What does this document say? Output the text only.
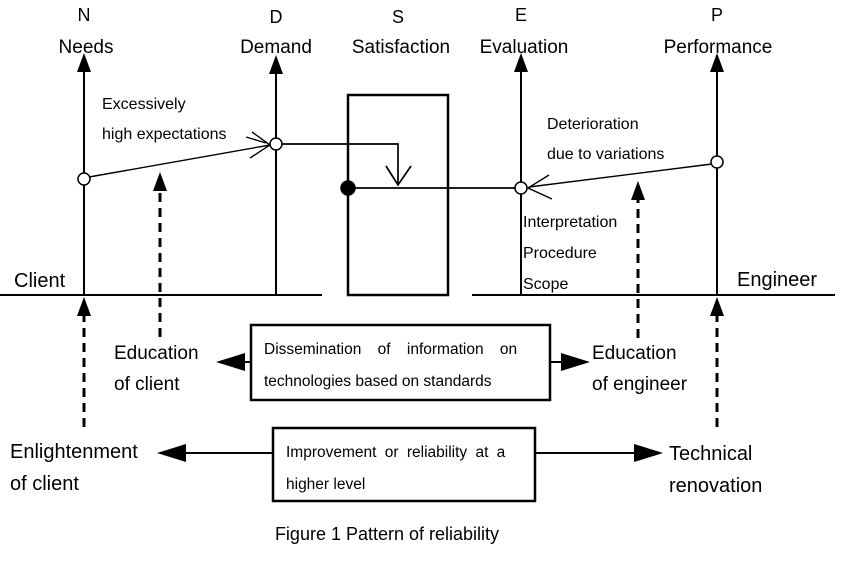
N	D	S	E	P
Needs	Demand	Satisfaction	Evaluation	Performance
Client	Engineer
Excessively
high expectations
Deterioration
due to variations
Interpretation
Procedure
Scope
Education
of client
Education
of engineer
Enlightenment
of client
Technical
renovation
Dissemination of information on
technologies based on standards
Improvement or reliability at a
higher level
Figure 1 Pattern of reliability
